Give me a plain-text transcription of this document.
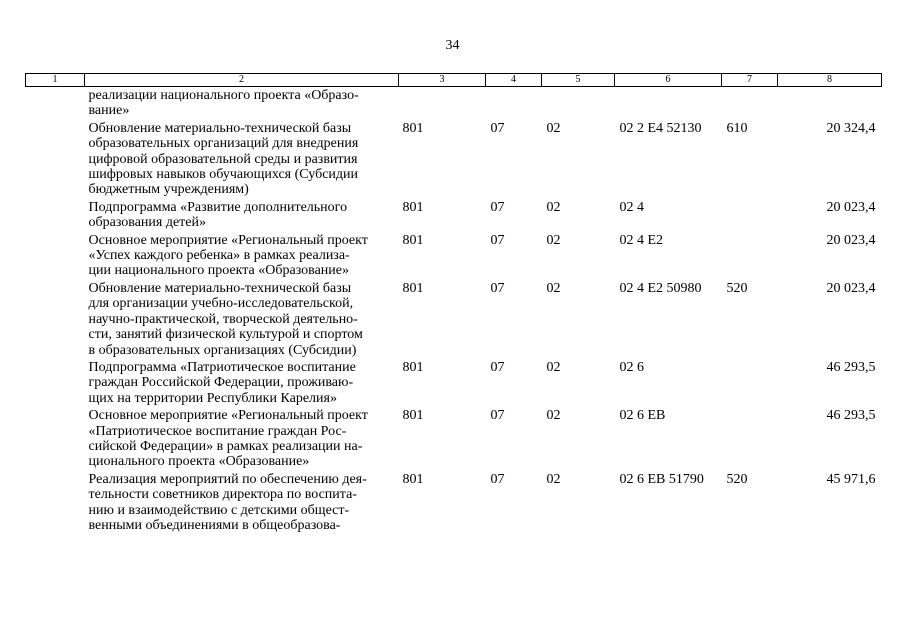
34
1	2	3	4	5	6	7	8

	реализации национального проекта «Образо-
вание»						

	Обновление материально-технической базы
образовательных организаций для внедрения
цифровой образовательной среды и развития
шифровых навыков обучающихся (Субсидии
бюджетным учреждениям)	801	07	02	02 2 Е4 52130	610	20 324,4

	Подпрограмма «Развитие дополнительного
образования детей»	801	07	02	02 4		20 023,4

	Основное мероприятие «Региональный проект
«Успех каждого ребенка» в рамках реализа-
ции национального проекта «Образование»	801	07	02	02 4 Е2		20 023,4

	Обновление материально-технической базы
для организации учебно-исследовательской,
научно-практической, творческой деятельно-
сти, занятий физической культурой и спортом
в образовательных организациях (Субсидии)	801	07	02	02 4 Е2 50980	520	20 023,4

	Подпрограмма «Патриотическое воспитание
граждан Российской Федерации, проживаю-
щих на территории Республики Карелия»	801	07	02	02 6		46 293,5

	Основное мероприятие «Региональный проект
«Патриотическое воспитание граждан Рос-
сийской Федерации» в рамках реализации на-
ционального проекта «Образование»	801	07	02	02 6 ЕВ		46 293,5

	Реализация мероприятий по обеспечению дея-
тельности советников директора по воспита-
нию и взаимодействию с детскими общест-
венными объединениями в общеобразова-	801	07	02	02 6 ЕВ 51790	520	45 971,6
